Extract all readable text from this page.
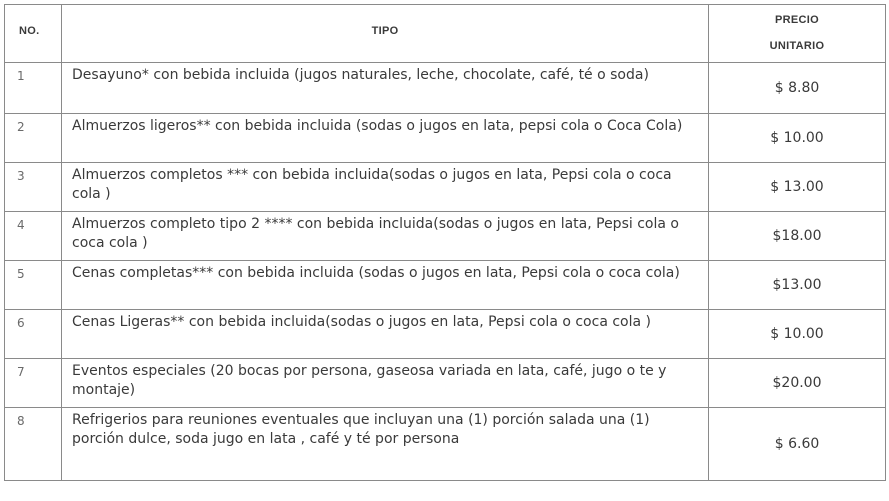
NO.	TIPO	PRECIO
UNITARIO

1	Desayuno* con bebida incluida (jugos naturales, leche, chocolate, café, té o soda)	$ 8.80
2	Almuerzos ligeros** con bebida incluida (sodas o jugos en lata, pepsi cola o Coca Cola)	$ 10.00
3	Almuerzos completos *** con bebida incluida(sodas o jugos en lata, Pepsi cola o coca cola )	$ 13.00
4	Almuerzos completo tipo 2 **** con bebida incluida(sodas o jugos en lata, Pepsi cola o coca cola )	$18.00
5	Cenas completas*** con bebida incluida (sodas o jugos en lata, Pepsi cola o coca cola)	$13.00
6	Cenas Ligeras** con bebida incluida(sodas o jugos en lata, Pepsi cola o coca cola )	$ 10.00
7	Eventos especiales (20 bocas por persona, gaseosa variada en lata, café, jugo o te y montaje)	$20.00
8	Refrigerios para reuniones eventuales que incluyan una (1) porción salada una (1) porción dulce, soda jugo en lata , café y té por persona	$ 6.60
